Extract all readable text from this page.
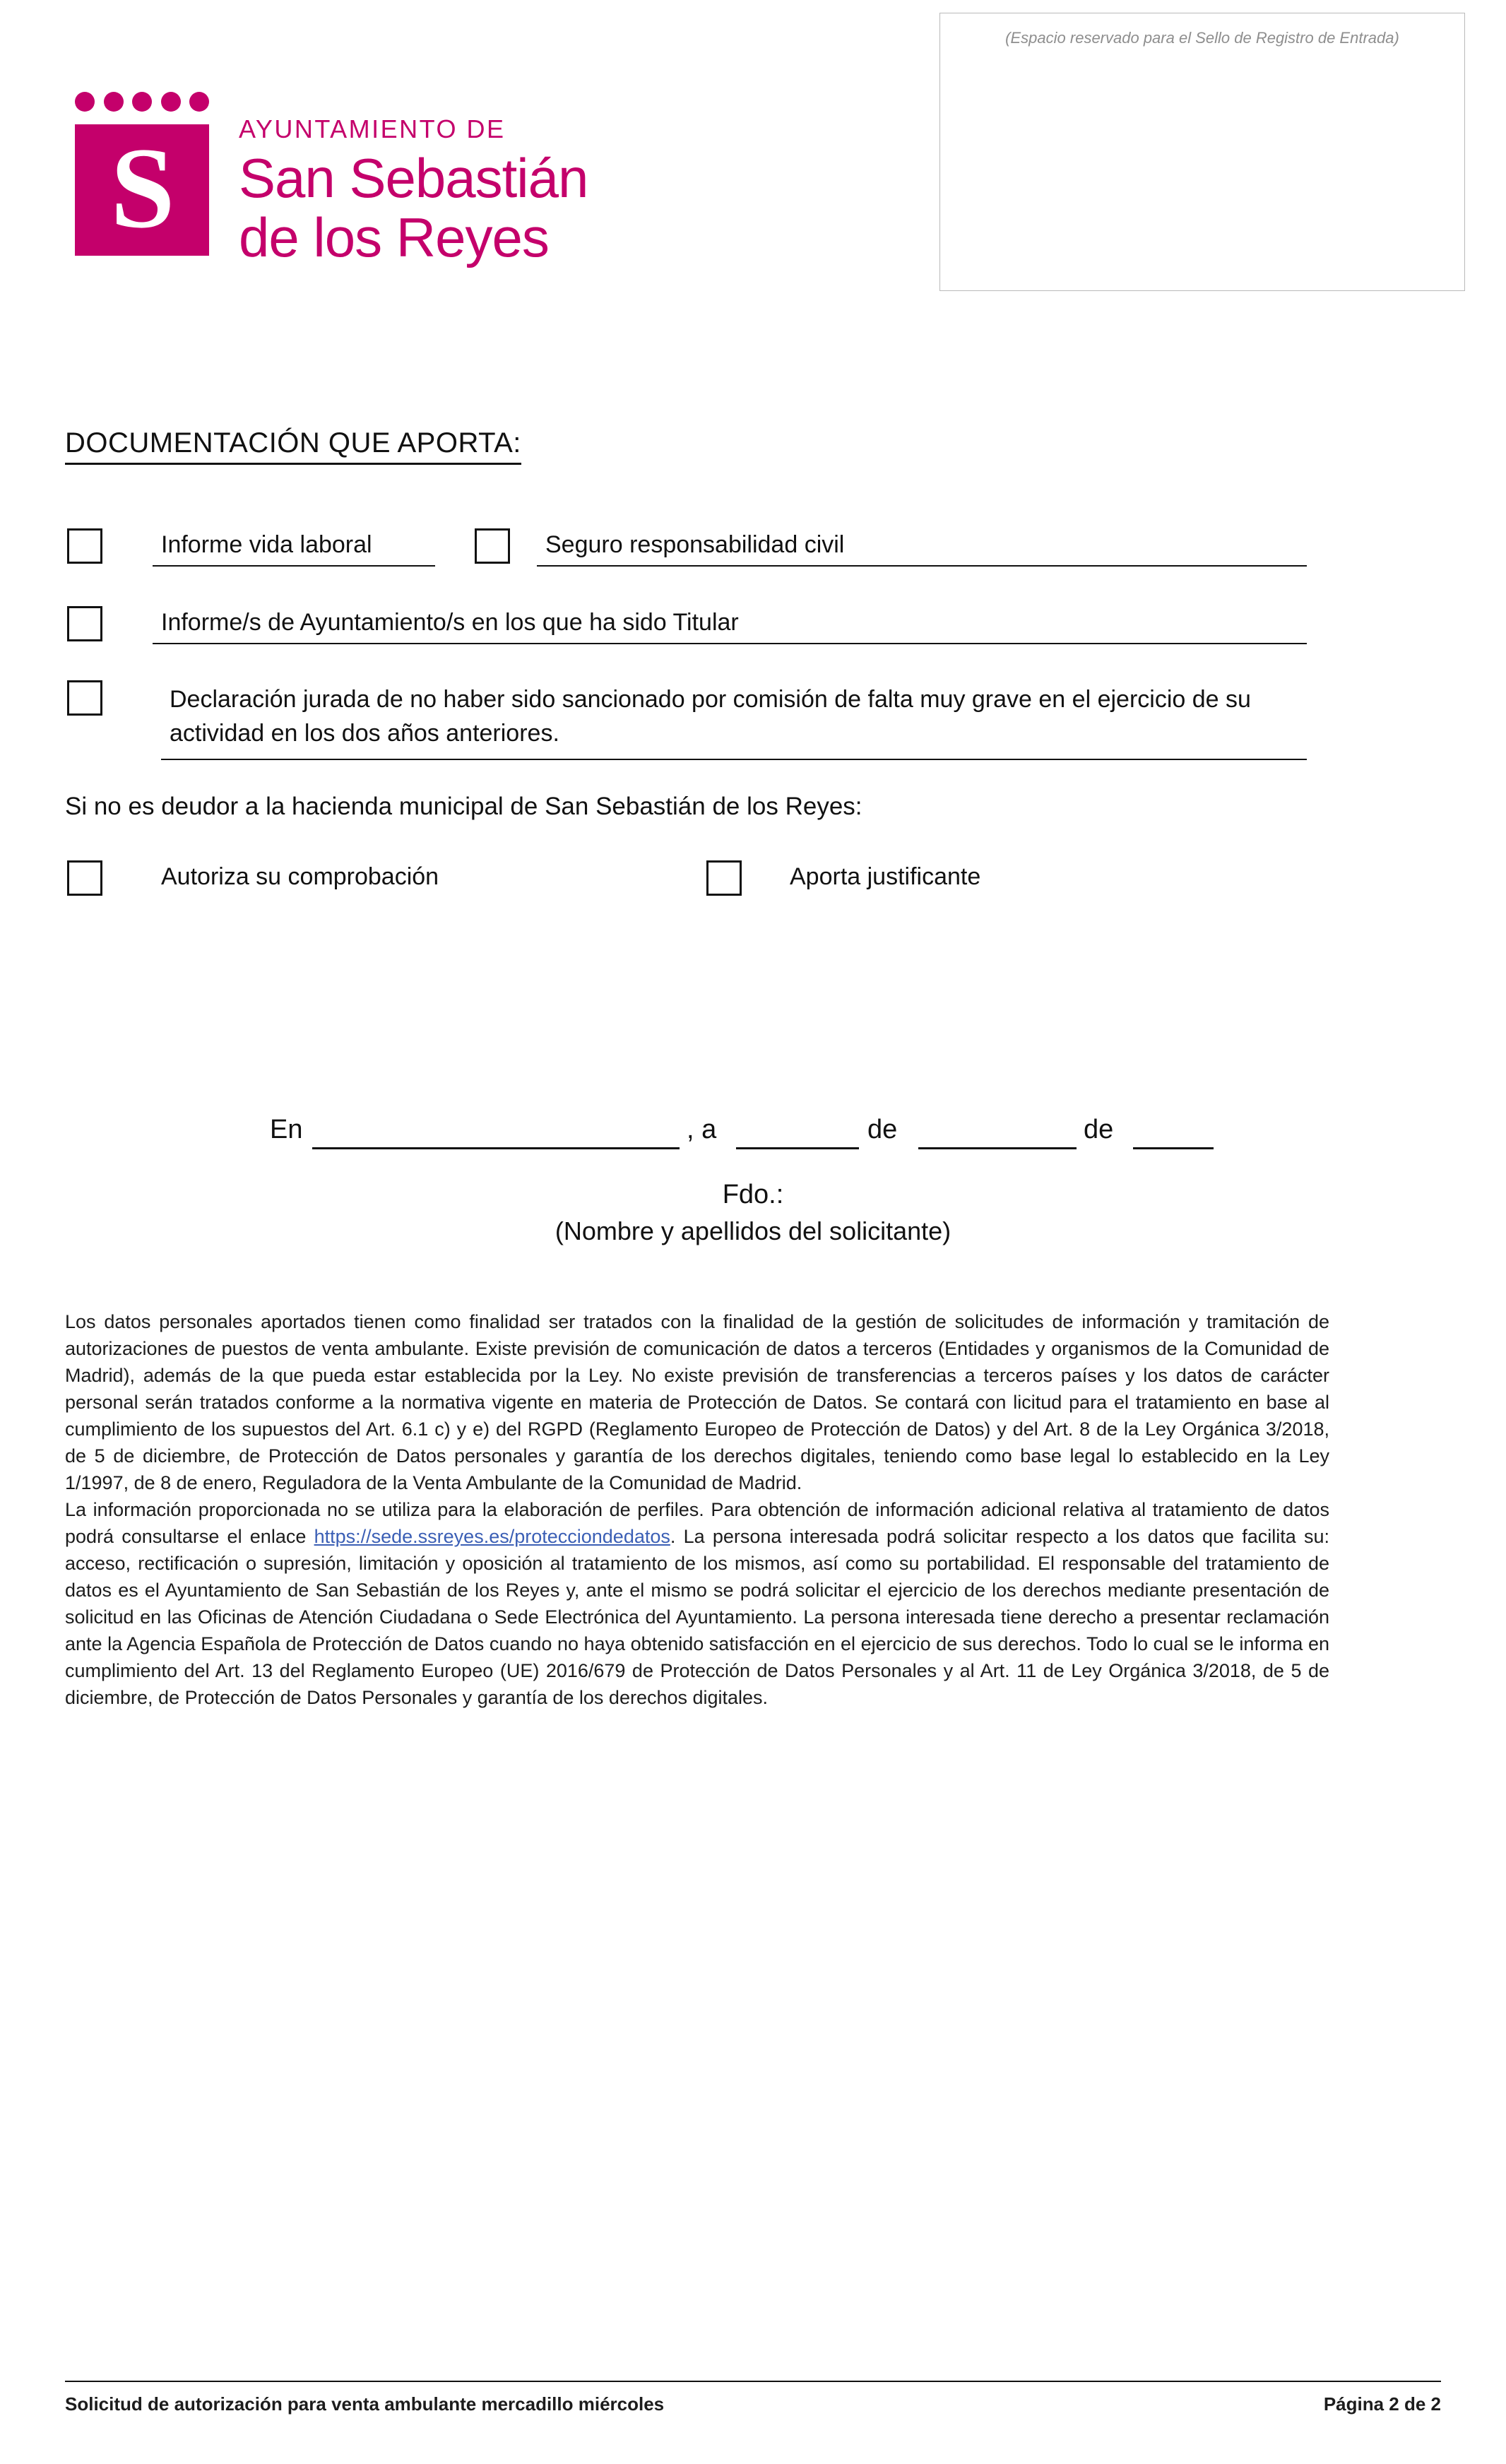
S	AYUNTAMIENTO DE
San Sebastián
de los Reyes
(Espacio reservado para el Sello de Registro de Entrada)
DOCUMENTACIÓN QUE APORTA:
Informe vida laboral	Seguro responsabilidad civil
Informe/s de Ayuntamiento/s en los que ha sido Titular
Declaración jurada de no haber sido sancionado por comisión de falta muy grave en el ejercicio de su actividad en los dos años anteriores.
Si no es deudor a la hacienda municipal de San Sebastián de los Reyes:
Autoriza su comprobación	Aporta justificante
En	, a	de	de
Fdo.:
(Nombre y apellidos del solicitante)

Los datos personales aportados tienen como finalidad ser tratados con la finalidad de la gestión de solicitudes de información y tramitación de autorizaciones de puestos de venta ambulante. Existe previsión de comunicación de datos a terceros (Entidades y organismos de la Comunidad de Madrid), además de la que pueda estar establecida por la Ley. No existe previsión de transferencias a terceros países y los datos de carácter personal serán tratados conforme a la normativa vigente en materia de Protección de Datos. Se contará con licitud para el tratamiento en base al cumplimiento de los supuestos del Art. 6.1 c) y e) del RGPD (Reglamento Europeo de Protección de Datos) y del Art. 8 de la Ley Orgánica 3/2018, de 5 de diciembre, de Protección de Datos personales y garantía de los derechos digitales, teniendo como base legal lo establecido en la Ley 1/1997, de 8 de enero, Reguladora de la Venta Ambulante de la Comunidad de Madrid.

La información proporcionada no se utiliza para la elaboración de perfiles. Para obtención de información adicional relativa al tratamiento de datos podrá consultarse el enlace https://sede.ssreyes.es/protecciondedatos. La persona interesada podrá solicitar respecto a los datos que facilita su: acceso, rectificación o supresión, limitación y oposición al tratamiento de los mismos, así como su portabilidad. El responsable del tratamiento de datos es el Ayuntamiento de San Sebastián de los Reyes y, ante el mismo se podrá solicitar el ejercicio de los derechos mediante presentación de solicitud en las Oficinas de Atención Ciudadana o Sede Electrónica del Ayuntamiento. La persona interesada tiene derecho a presentar reclamación ante la Agencia Española de Protección de Datos cuando no haya obtenido satisfacción en el ejercicio de sus derechos. Todo lo cual se le informa en cumplimiento del Art. 13 del Reglamento Europeo (UE) 2016/679 de Protección de Datos Personales y al Art. 11 de Ley Orgánica 3/2018, de 5 de diciembre, de Protección de Datos Personales y garantía de los derechos digitales.

Solicitud de autorización para venta ambulante mercadillo miércoles	Página 2 de 2
